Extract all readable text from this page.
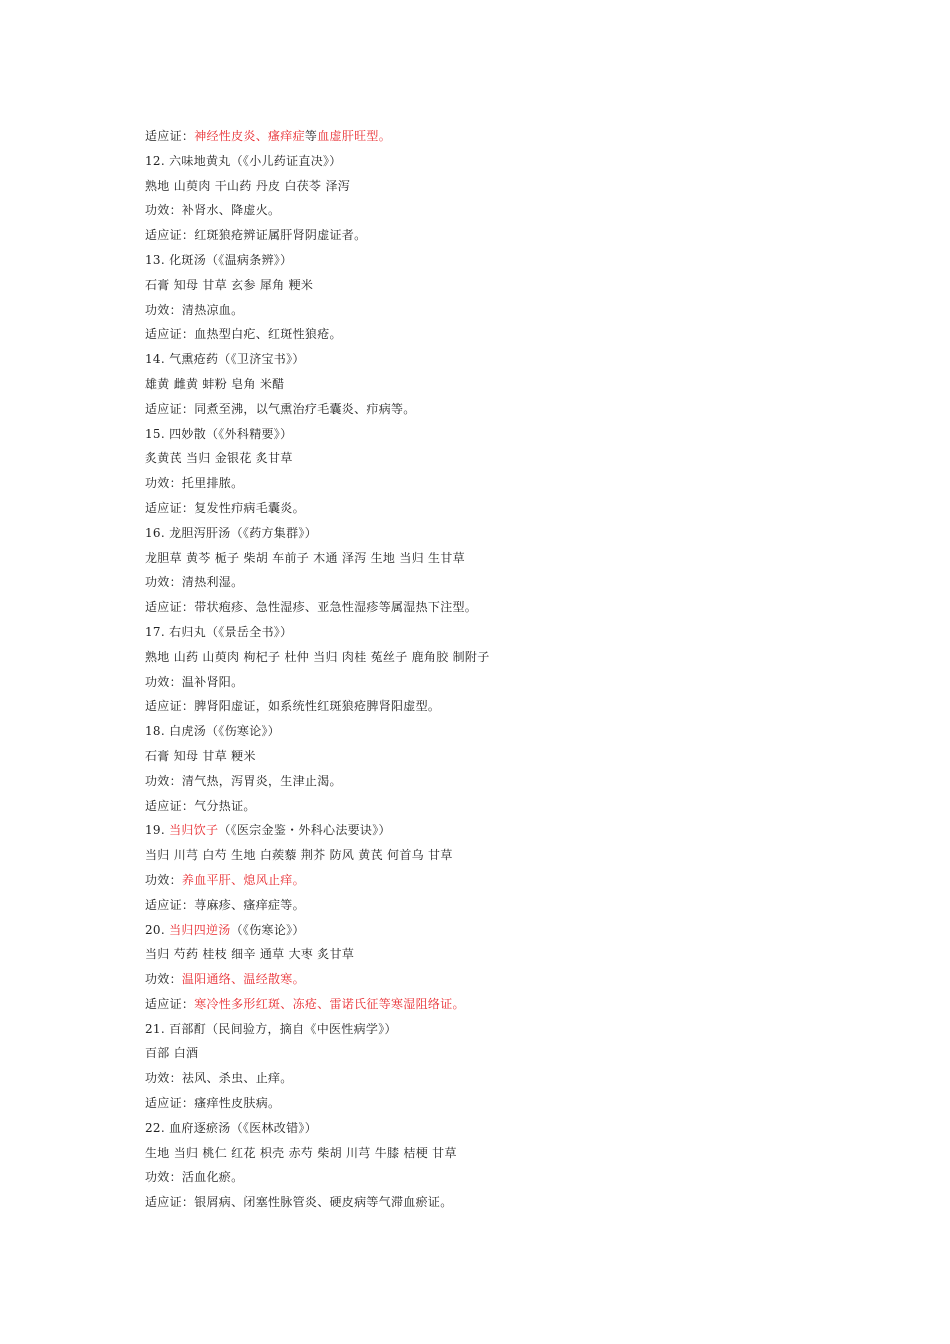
适应证：神经性皮炎、瘙痒症等血虚肝旺型。
12. 六味地黄丸（《小儿药证直决》）
熟地 山萸肉 干山药 丹皮 白茯苓 泽泻
功效：补肾水、降虚火。
适应证：红斑狼疮辨证属肝肾阴虚证者。
13. 化斑汤（《温病条辨》）
石膏 知母 甘草 玄参 犀角 粳米
功效：清热凉血。
适应证：血热型白疕、红斑性狼疮。
14. 气熏疮药（《卫济宝书》）
雄黄 雌黄 蚌粉 皂角 米醋
适应证：同煮至沸，以气熏治疗毛囊炎、疖病等。
15. 四妙散（《外科精要》）
炙黄芪 当归 金银花 炙甘草
功效：托里排脓。
适应证：复发性疖病毛囊炎。
16. 龙胆泻肝汤（《药方集群》）
龙胆草 黄芩 栀子 柴胡 车前子 木通 泽泻 生地 当归 生甘草
功效：清热利湿。
适应证：带状疱疹、急性湿疹、亚急性湿疹等属湿热下注型。
17. 右归丸（《景岳全书》）
熟地 山药 山萸肉 枸杞子 杜仲 当归 肉桂 菟丝子 鹿角胶 制附子
功效：温补肾阳。
适应证：脾肾阳虚证，如系统性红斑狼疮脾肾阳虚型。
18. 白虎汤（《伤寒论》）
石膏 知母 甘草 粳米
功效：清气热，泻胃炎，生津止渴。
适应证：气分热证。
19. 当归饮子（《医宗金鉴・外科心法要诀》）
当归 川芎 白芍 生地 白蒺藜 荆芥 防风 黄芪 何首乌 甘草
功效：养血平肝、熄风止痒。
适应证：荨麻疹、瘙痒症等。
20. 当归四逆汤（《伤寒论》）
当归 芍药 桂枝 细辛 通草 大枣 炙甘草
功效：温阳通络、温经散寒。
适应证：寒冷性多形红斑、冻疮、雷诺氏征等寒湿阻络证。
21. 百部酊（民间验方，摘自《中医性病学》）
百部 白酒
功效：祛风、杀虫、止痒。
适应证：瘙痒性皮肤病。
22. 血府逐瘀汤（《医林改错》）
生地 当归 桃仁 红花 枳壳 赤芍 柴胡 川芎 牛膝 桔梗 甘草
功效：活血化瘀。
适应证：银屑病、闭塞性脉管炎、硬皮病等气滞血瘀证。
